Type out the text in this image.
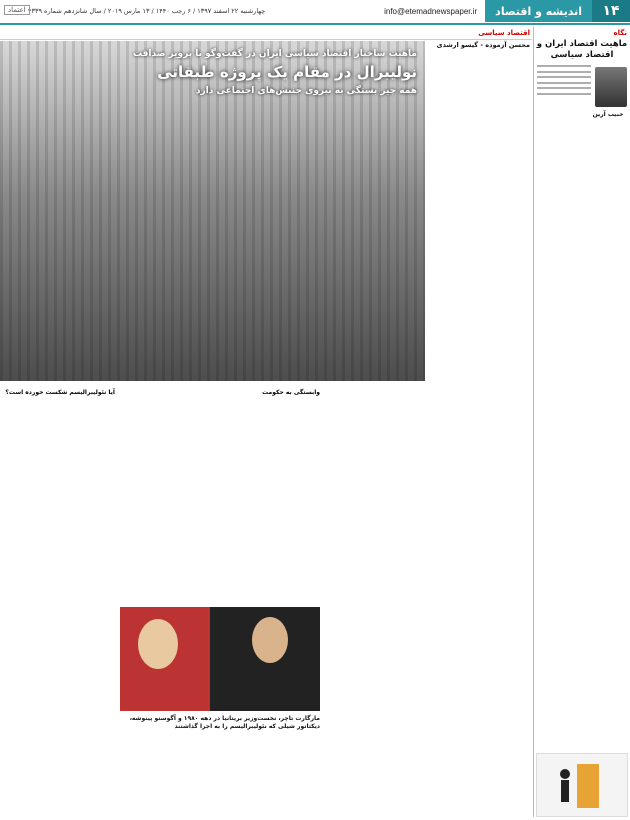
۱۴
اندیشه و اقتصاد
info@etemadnewspaper.ir
چهارشنبه ۲۲ اسفند ۱۳۹۷ / ۶ رجب ۱۴۴۰ / ۱۳ مارس ۲۰۱۹ / سال شانزدهم شماره ۴۳۳۹
اعتماد
نگاه
ماهیت اقتصاد ایران و اقتصاد سیاسی
حبیب آرین
ماهیت ساختار اقتصاد سیاسی ایران در گفت‌وگو با پرویز صداقت
نولیبرال در مقام یک پروژه طبقاتی
همه چیز بستگی به نیروی جنبش‌های اجتماعی دارد
اقتصاد سیاسی
محسن آزموده - گیسو ارشدی
وابستگی به حکومت
آیا نئولیبرالیسم شکست خورده است؟
مارگارت تاچر، نخست‌وزیر بریتانیا در دهه ۱۹۸۰ و آگوستو پینوشه، دیکتاتور شیلی که نئولیبرالیسم را به اجرا گذاشتند
